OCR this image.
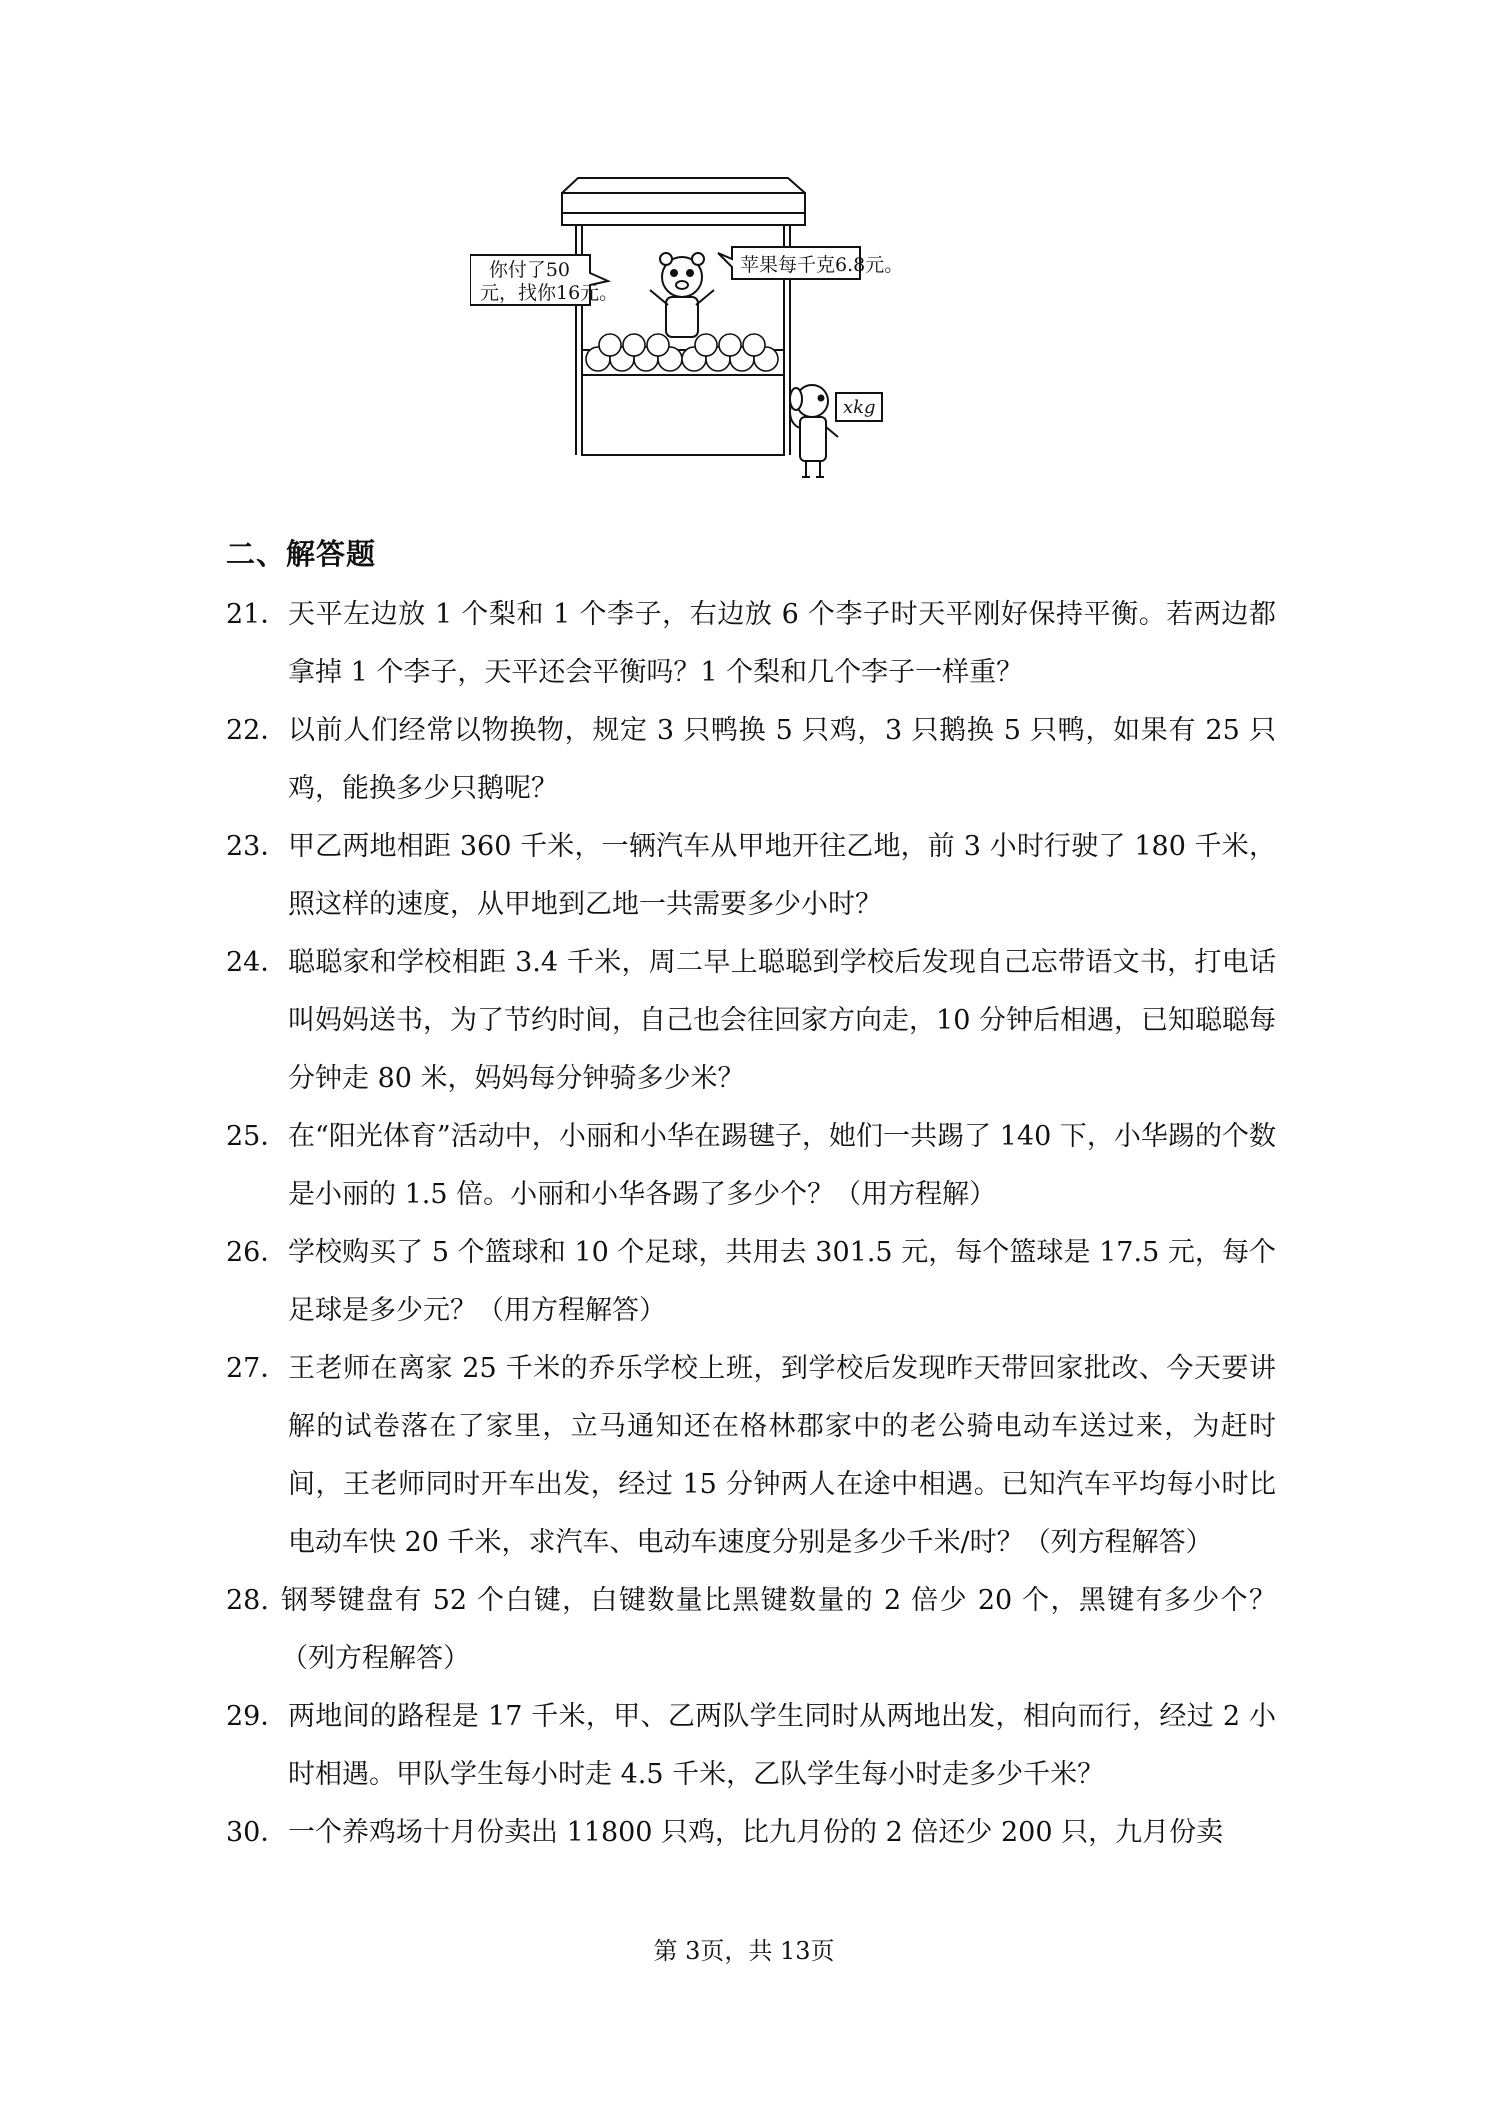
你付了50
元，找你16元。
苹果每千克6.8元。
xkg
二、解答题
21． 天平左边放 1 个梨和 1 个李子，右边放 6 个李子时天平刚好保持平衡。若两边都拿掉 1 个李子，天平还会平衡吗？1 个梨和几个李子一样重？
22． 以前人们经常以物换物，规定 3 只鸭换 5 只鸡，3 只鹅换 5 只鸭，如果有 25 只鸡，能换多少只鹅呢？
23． 甲乙两地相距 360 千米，一辆汽车从甲地开往乙地，前 3 小时行驶了 180 千米，照这样的速度，从甲地到乙地一共需要多少小时？
24． 聪聪家和学校相距 3.4 千米，周二早上聪聪到学校后发现自己忘带语文书，打电话叫妈妈送书，为了节约时间，自己也会往回家方向走，10 分钟后相遇，已知聪聪每分钟走 80 米，妈妈每分钟骑多少米？
25． 在“阳光体育”活动中，小丽和小华在踢毽子，她们一共踢了 140 下，小华踢的个数是小丽的 1.5 倍。小丽和小华各踢了多少个？（用方程解）
26． 学校购买了 5 个篮球和 10 个足球，共用去 301.5 元，每个篮球是 17.5 元，每个足球是多少元？（用方程解答）
27． 王老师在离家 25 千米的乔乐学校上班，到学校后发现昨天带回家批改、今天要讲解的试卷落在了家里，立马通知还在格林郡家中的老公骑电动车送过来，为赶时间，王老师同时开车出发，经过 15 分钟两人在途中相遇。已知汽车平均每小时比电动车快 20 千米，求汽车、电动车速度分别是多少千米/时？（列方程解答）
28. 钢琴键盘有 52 个白键，白键数量比黑键数量的 2 倍少 20 个，黑键有多少个？（列方程解答）
29． 两地间的路程是 17 千米，甲、乙两队学生同时从两地出发，相向而行，经过 2 小时相遇。甲队学生每小时走 4.5 千米，乙队学生每小时走多少千米？
30． 一个养鸡场十月份卖出 11800 只鸡，比九月份的 2 倍还少 200 只，九月份卖
第 3页，共 13页
